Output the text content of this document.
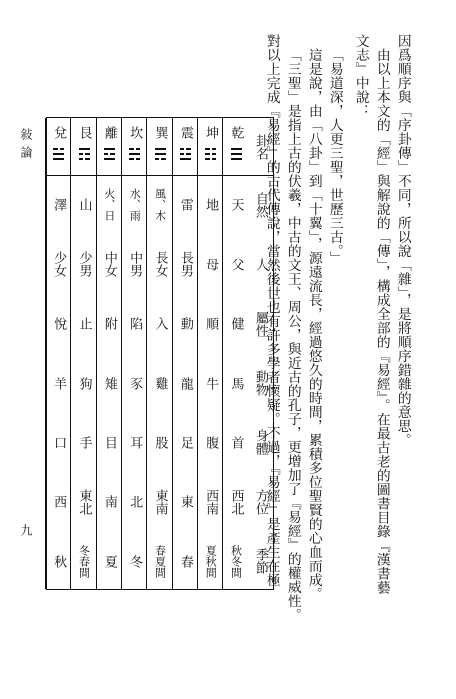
因爲順序與「序卦傳」不同，所以說「雜」，是將順序錯雜的意思。
由以上本文的「經」與解說的「傳」，構成全部的『易經』。在最古老的圖書目錄『漢書藝
文志』中說：
「易道深，人更三聖，世歷三古。」
這是說，由「八卦」到「十翼」，源遠流長，經過悠久的時間，累積多位聖賢的心血而成。
「三聖」是指上古的伏羲，中古的文王、周公，與近古的孔子，更增加了『易經』的權威性。
對以上完成『易經』的古代傳說，當然後世也有許多學者懷疑。不過，『易經』是產生在極
敍論
九
卦名
自然
人
屬性
動物
身體
方位
季節
乾
天
父
健
馬
首
西北
秋冬間
坤
地
母
順
牛
腹
西南
夏秋間
震
雷
長男
動
龍
足
東
春
巽
風、木
長女
入
雞
股
東南
春夏間
坎
水、雨
中男
陷
豕
耳
北
冬
離
火、日
中女
附
雉
目
南
夏
艮
山
少男
止
狗
手
東北
冬春間
兌
澤
少女
悅
羊
口
西
秋
